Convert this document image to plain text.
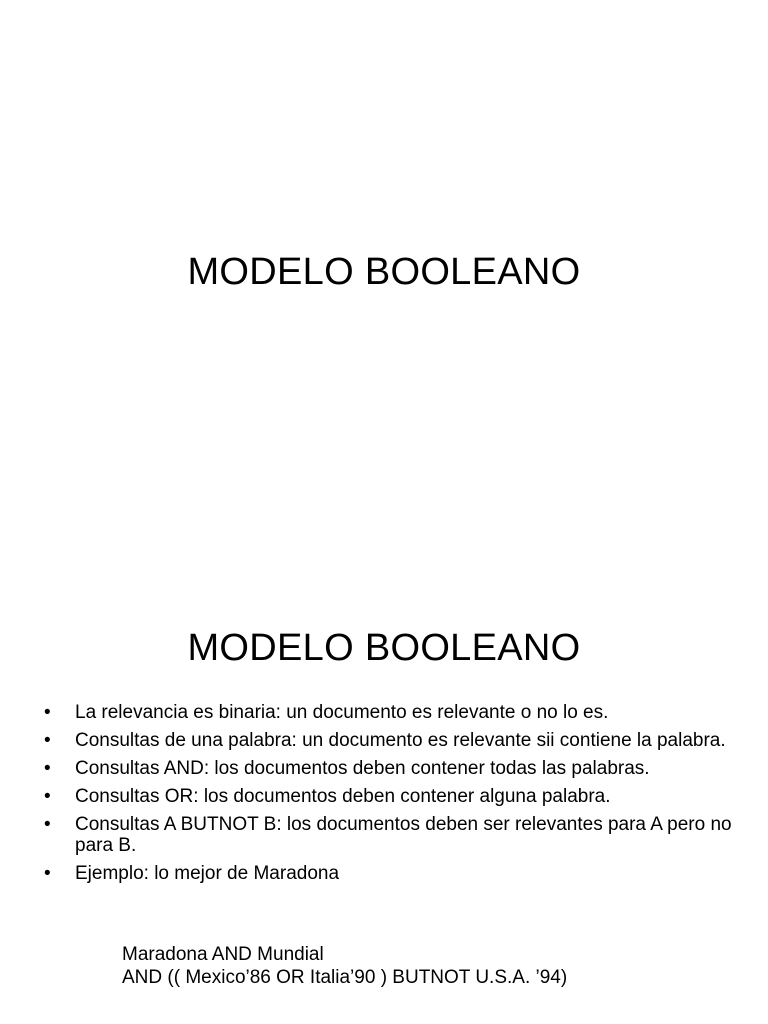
MODELO BOOLEANO
MODELO BOOLEANO
•	La relevancia es binaria: un documento es relevante o no lo es.
•	Consultas de una palabra: un documento es relevante sii contiene la palabra.
•	Consultas AND: los documentos deben contener todas las palabras.
•	Consultas OR: los documentos deben contener alguna palabra.
•	Consultas A BUTNOT B: los documentos deben ser relevantes para A pero no para B.
•	Ejemplo: lo mejor de Maradona
Maradona AND Mundial
AND (( Mexico’86 OR Italia’90 ) BUTNOT U.S.A. ’94)
